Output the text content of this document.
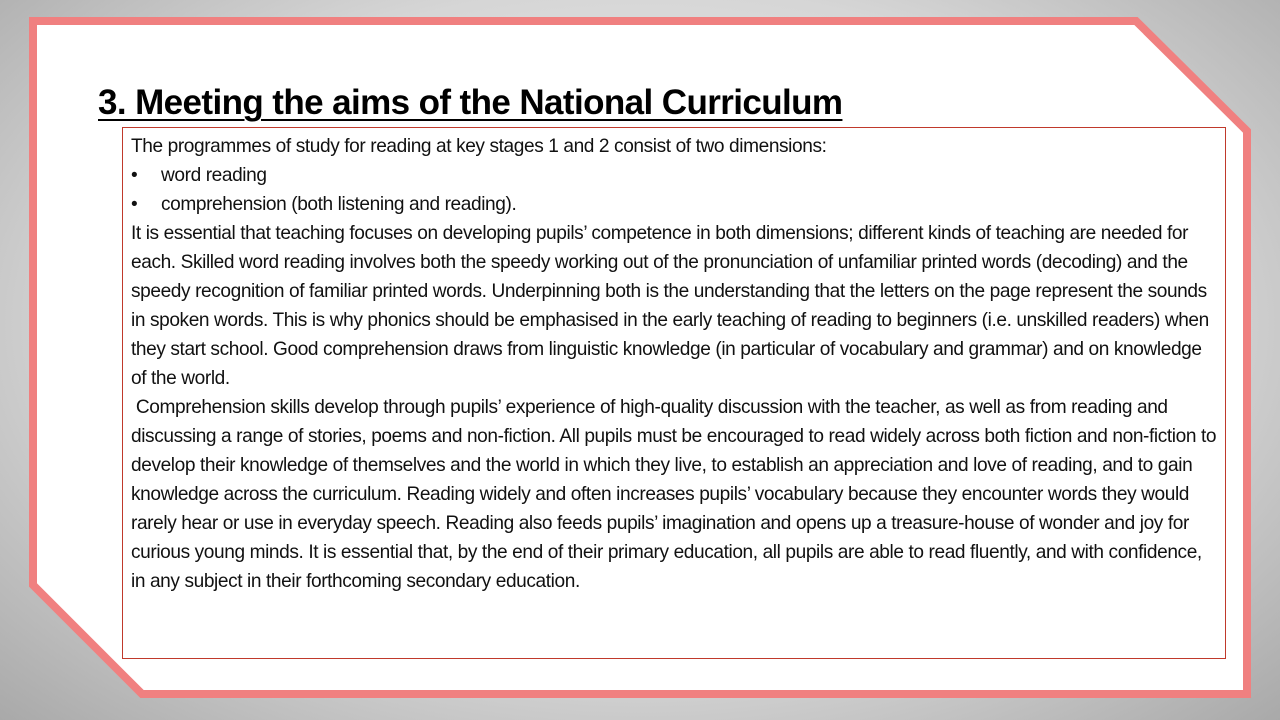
3. Meeting the aims of the National Curriculum

The programmes of study for reading at key stages 1 and 2 consist of two dimensions:

•	word reading
•	comprehension (both listening and reading).

It is essential that teaching focuses on developing pupils’ competence in both dimensions; different kinds of teaching are needed for each. Skilled word reading involves both the speedy working out of the pronunciation of unfamiliar printed words (decoding) and the speedy recognition of familiar printed words. Underpinning both is the understanding that the letters on the page represent the sounds in spoken words. This is why phonics should be emphasised in the early teaching of reading to beginners (i.e. unskilled readers) when they start school. Good comprehension draws from linguistic knowledge (in particular of vocabulary and grammar) and on knowledge of the world.

Comprehension skills develop through pupils’ experience of high-quality discussion with the teacher, as well as from reading and discussing a range of stories, poems and non-fiction. All pupils must be encouraged to read widely across both fiction and non-fiction to develop their knowledge of themselves and the world in which they live, to establish an appreciation and love of reading, and to gain knowledge across the curriculum. Reading widely and often increases pupils’ vocabulary because they encounter words they would rarely hear or use in everyday speech. Reading also feeds pupils’ imagination and opens up a treasure-house of wonder and joy for curious young minds. It is essential that, by the end of their primary education, all pupils are able to read fluently, and with confidence, in any subject in their forthcoming secondary education.
